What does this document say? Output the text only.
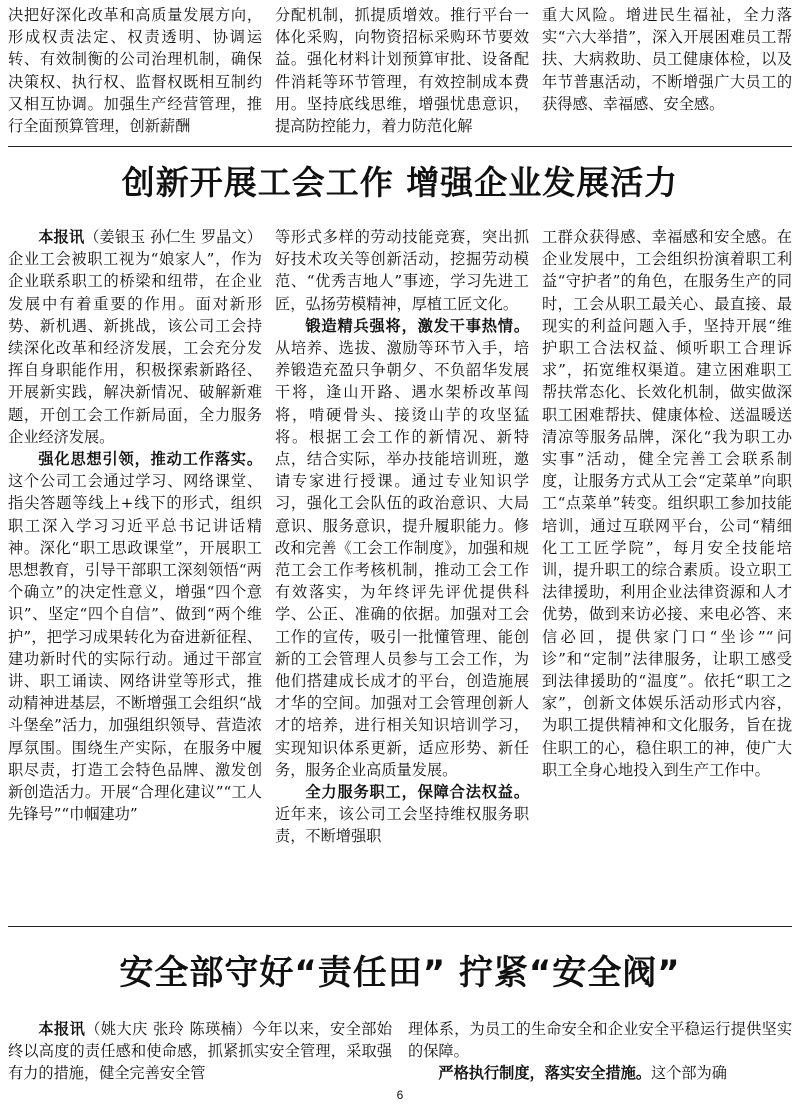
决把好深化改革和高质量发展方向，形成权责法定、权责透明、协调运转、有效制衡的公司治理机制，确保决策权、执行权、监督权既相互制约又相互协调。加强生产经营管理，推行全面预算管理，创新薪酬

分配机制，抓提质增效。推行平台一体化采购，向物资招标采购环节要效益。强化材料计划预算审批、设备配件消耗等环节管理，有效控制成本费用。坚持底线思维，增强忧患意识，提高防控能力，着力防范化解

重大风险。增进民生福祉，全力落实“六大举措”，深入开展困难员工帮扶、大病救助、员工健康体检，以及年节普惠活动，不断增强广大员工的获得感、幸福感、安全感。

创新开展工会工作 增强企业发展活力

本报讯（姜银玉 孙仁生 罗晶文）企业工会被职工视为“娘家人”，作为企业联系职工的桥梁和纽带，在企业发展中有着重要的作用。面对新形势、新机遇、新挑战，该公司工会持续深化改革和经济发展，工会充分发挥自身职能作用，积极探索新路径、开展新实践，解决新情况、破解新难题，开创工会工作新局面，全力服务企业经济发展。

强化思想引领，推动工作落实。这个公司工会通过学习、网络课堂、指尖答题等线上+线下的形式，组织职工深入学习习近平总书记讲话精神。深化“职工思政课堂”，开展职工思想教育，引导干部职工深刻领悟“两个确立”的决定性意义，增强“四个意识”、坚定“四个自信”、做到“两个维护”，把学习成果转化为奋进新征程、建功新时代的实际行动。通过干部宣讲、职工诵读、网络讲堂等形式，推动精神进基层，不断增强工会组织“战斗堡垒”活力，加强组织领导、营造浓厚氛围。围绕生产实际，在服务中履职尽责，打造工会特色品牌、激发创新创造活力。开展“合理化建议”“工人先锋号”“巾帼建功”

等形式多样的劳动技能竞赛，突出抓好技术攻关等创新活动，挖掘劳动模范、“优秀吉地人”事迹，学习先进工匠，弘扬劳模精神，厚植工匠文化。

锻造精兵强将，激发干事热情。从培养、选拔、激励等环节入手，培养锻造充盈只争朝夕、不负韶华发展干将，逢山开路、遇水架桥改革闯将，啃硬骨头、接烫山芋的攻坚猛将。根据工会工作的新情况、新特点，结合实际，举办技能培训班，邀请专家进行授课。通过专业知识学习，强化工会队伍的政治意识、大局意识、服务意识，提升履职能力。修改和完善《工会工作制度》，加强和规范工会工作考核机制，推动工会工作有效落实，为年终评先评优提供科学、公正、准确的依据。加强对工会工作的宣传，吸引一批懂管理、能创新的工会管理人员参与工会工作，为他们搭建成长成才的平台，创造施展才华的空间。加强对工会管理创新人才的培养，进行相关知识培训学习，实现知识体系更新，适应形势、新任务，服务企业高质量发展。

全力服务职工，保障合法权益。近年来，该公司工会坚持维权服务职责，不断增强职

工群众获得感、幸福感和安全感。在企业发展中，工会组织扮演着职工利益“守护者”的角色，在服务生产的同时，工会从职工最关心、最直接、最现实的利益问题入手，坚持开展“维护职工合法权益、倾听职工合理诉求”，拓宽维权渠道。建立困难职工帮扶常态化、长效化机制，做实做深职工困难帮扶、健康体检、送温暖送清凉等服务品牌，深化“我为职工办实事”活动，健全完善工会联系制度，让服务方式从工会“定菜单”向职工“点菜单”转变。组织职工参加技能培训，通过互联网平台，公司“精细化工工匠学院”，每月安全技能培训，提升职工的综合素质。设立职工法律援助，利用企业法律资源和人才优势，做到来访必接、来电必答、来信必回，提供家门口“坐诊”“问诊”和“定制”法律服务，让职工感受到法律援助的“温度”。依托“职工之家”，创新文体娱乐活动形式内容，为职工提供精神和文化服务，旨在拢住职工的心，稳住职工的神，使广大职工全身心地投入到生产工作中。

安全部守好“责任田” 拧紧“安全阀”

本报讯（姚大庆 张玲 陈瑛楠）今年以来，安全部始终以高度的责任感和使命感，抓紧抓实安全管理，采取强有力的措施，健全完善安全管

理体系，为员工的生命安全和企业安全平稳运行提供坚实的保障。

严格执行制度，落实安全措施。这个部为确

6
